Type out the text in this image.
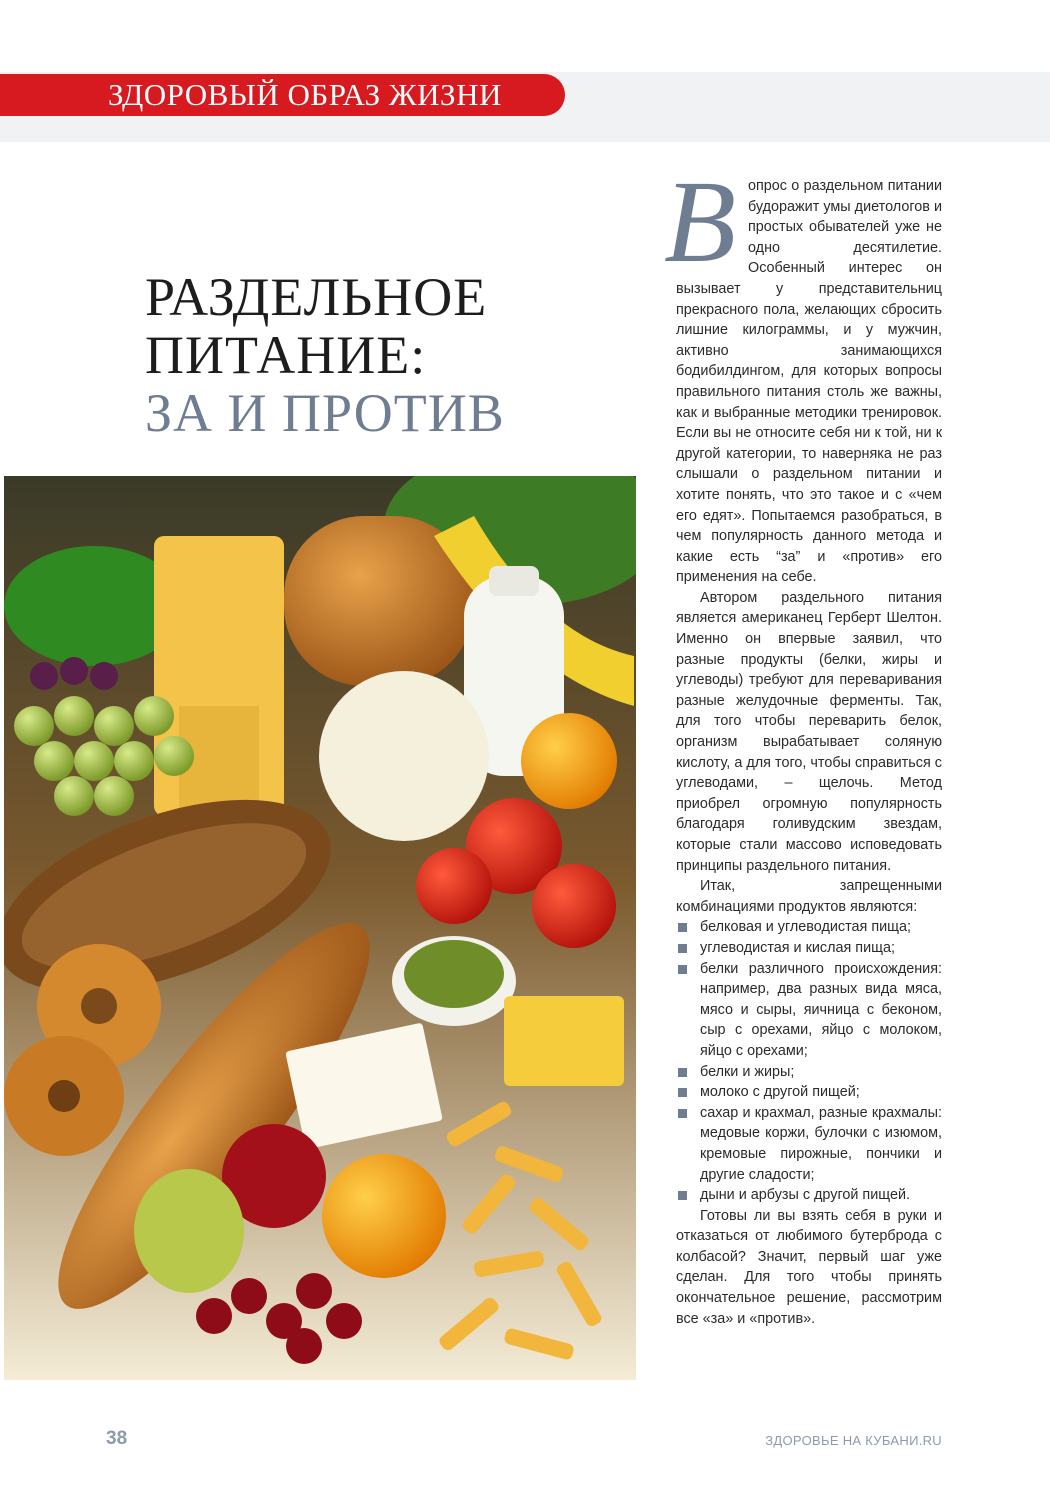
ЗДОРОВЫЙ ОБРАЗ ЖИЗНИ
РАЗДЕЛЬНОЕ
ПИТАНИЕ:
ЗА И ПРОТИВ

Вопрос о раздельном питании будоражит умы диетологов и простых обывателей уже не одно десятилетие. Особенный интерес он вызывает у представительниц прекрасного пола, желающих сбросить лишние килограммы, и у мужчин, активно занимающихся бодибилдингом, для которых вопросы правильного питания столь же важны, как и выбранные методики тренировок. Если вы не относите себя ни к той, ни к другой категории, то наверняка не раз слышали о раздельном питании и хотите понять, что это такое и с «чем его едят». Попытаемся разобраться, в чем популярность данного метода и какие есть “за” и «против» его применения на себе.

Автором раздельного питания является американец Герберт Шелтон. Именно он впервые заявил, что разные продукты (белки, жиры и углеводы) требуют для переваривания разные желудочные ферменты. Так, для того чтобы переварить белок, организм вырабатывает соляную кислоту, а для того, чтобы справиться с углеводами, – щелочь. Метод приобрел огромную популярность благодаря голивудским звездам, которые стали массово исповедовать принципы раздельного питания.

Итак, запрещенными комбинациями продуктов являются:

белковая и углеводистая пища;
углеводистая и кислая пища;
белки различного происхождения: например, два разных вида мяса, мясо и сыры, яичница с беконом, сыр с орехами, яйцо с молоком, яйцо с орехами;
белки и жиры;
молоко с другой пищей;
сахар и крахмал, разные крахмалы: медовые коржи, булочки с изюмом, кремовые пирожные, пончики и другие сладости;
дыни и арбузы с другой пищей.

Готовы ли вы взять себя в руки и отказаться от любимого бутерброда с колбасой? Значит, первый шаг уже сделан. Для того чтобы принять окончательное решение, рассмотрим все «за» и «против».

38	ЗДОРОВЬЕ НА КУБАНИ.RU
